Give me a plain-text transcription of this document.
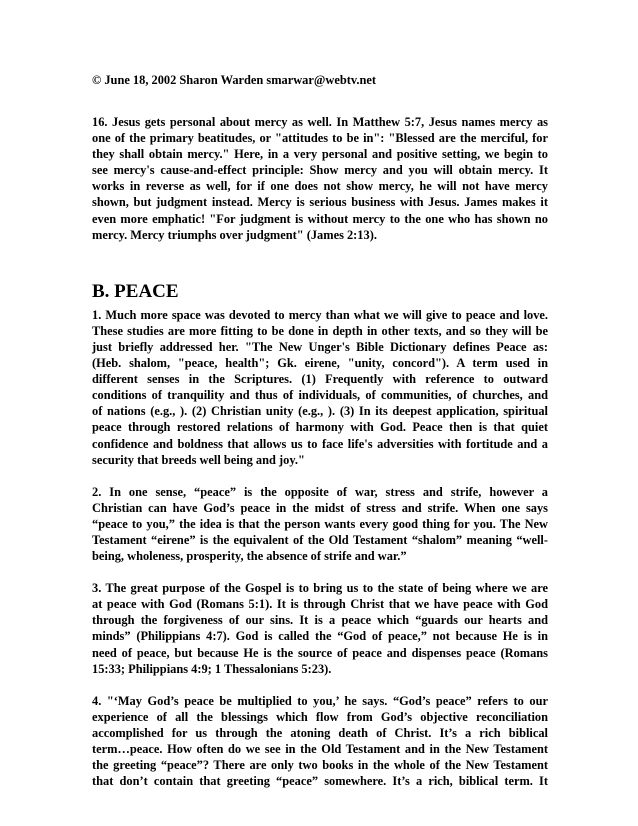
© June 18, 2002 Sharon Warden smarwar@webtv.net
16. Jesus gets personal about mercy as well. In Matthew 5:7, Jesus names mercy as
one of the primary beatitudes, or "attitudes to be in": "Blessed are the merciful, for
they shall obtain mercy." Here, in a very personal and positive setting, we begin to
see mercy's cause-and-effect principle: Show mercy and you will obtain mercy. It
works in reverse as well, for if one does not show mercy, he will not have mercy
shown, but judgment instead. Mercy is serious business with Jesus. James makes it
even more emphatic! "For judgment is without mercy to the one who has shown no
mercy. Mercy triumphs over judgment" (James 2:13).
B. PEACE
1. Much more space was devoted to mercy than what we will give to peace and love.
These studies are more fitting to be done in depth in other texts, and so they will be
just briefly addressed her. "The New Unger's Bible Dictionary defines Peace as:
(Heb. shalom, "peace, health"; Gk. eirene, "unity, concord"). A term used in
different senses in the Scriptures. (1) Frequently with reference to outward
conditions of tranquility and thus of individuals, of communities, of churches, and
of nations (e.g., ). (2) Christian unity (e.g., ). (3) In its deepest application, spiritual
peace through restored relations of harmony with God. Peace then is that quiet
confidence and boldness that allows us to face life's adversities with fortitude and a
security that breeds well being and joy."
2. In one sense, “peace” is the opposite of war, stress and strife, however a
Christian can have God’s peace in the midst of stress and strife. When one says
“peace to you,” the idea is that the person wants every good thing for you. The New
Testament “eirene” is the equivalent of the Old Testament “shalom” meaning “well-
being, wholeness, prosperity, the absence of strife and war.”
3. The great purpose of the Gospel is to bring us to the state of being where we are
at peace with God (Romans 5:1). It is through Christ that we have peace with God
through the forgiveness of our sins. It is a peace which “guards our hearts and
minds” (Philippians 4:7). God is called the “God of peace,” not because He is in
need of peace, but because He is the source of peace and dispenses peace (Romans
15:33; Philippians 4:9; 1 Thessalonians 5:23).
4. "‘May God’s peace be multiplied to you,’ he says. “God’s peace” refers to our
experience of all the blessings which flow from God’s objective reconciliation
accomplished for us through the atoning death of Christ. It’s a rich biblical
term…peace. How often do we see in the Old Testament and in the New Testament
the greeting “peace”? There are only two books in the whole of the New Testament
that don’t contain that greeting “peace” somewhere. It’s a rich, biblical term. It
